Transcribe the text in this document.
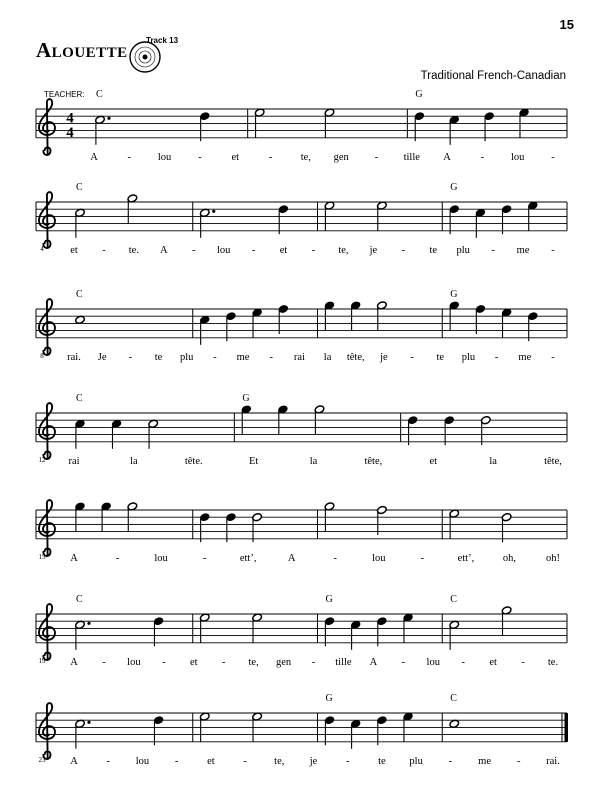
15
Alouette Track 13
Traditional French-Canadian
TEACHER:
4
4
C	G
A	-	lou	-	et	-	te, gen - tille A	-	lou	-
4
C	G
et - te. A - lou - et - te, je - te plu - me -
8
C	G
rai. Je - te plu - me - rai la tête, je - te plu - me -
12
C	G
rai	la	tête.	Et	la	tête,	et	la	tête,
15 A	-	lou	-	ett’,	A	-	lou	-	ett’,	oh,	oh!
19
C	G	C
A - lou - et - te, gen - tille A - lou - et - te.
23
G	C
A	- lou -	et	-	te, je	-	te plu - me - rai.
